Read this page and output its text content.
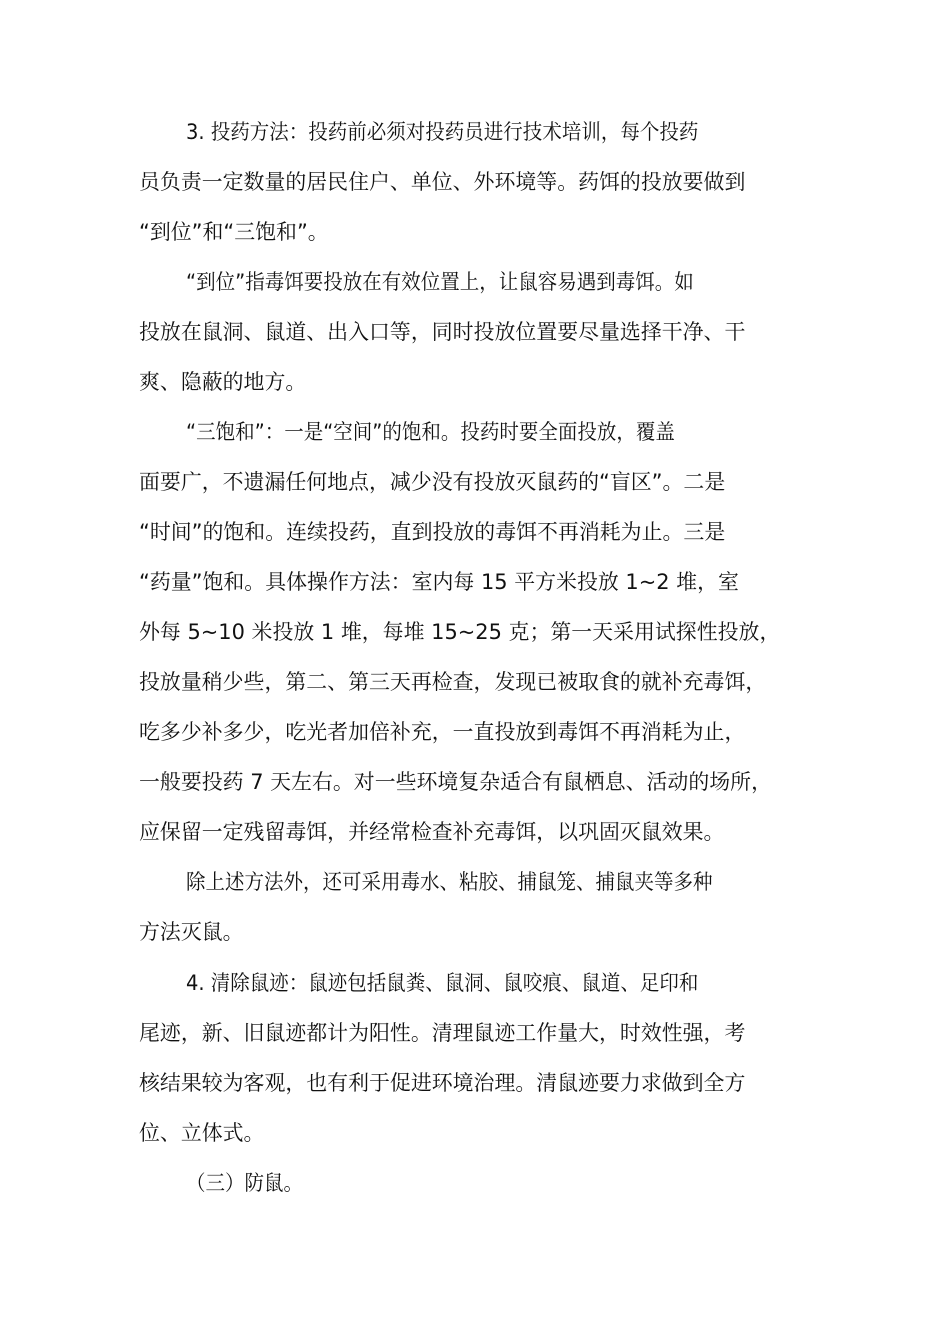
3. 投药方法：投药前必须对投药员进行技术培训，每个投药

员负责一定数量的居民住户、单位、外环境等。药饵的投放要做到

“到位”和“三饱和”。

“到位”指毒饵要投放在有效位置上，让鼠容易遇到毒饵。如

投放在鼠洞、鼠道、出入口等，同时投放位置要尽量选择干净、干

爽、隐蔽的地方。

“三饱和”：一是“空间”的饱和。投药时要全面投放，覆盖

面要广，不遗漏任何地点，减少没有投放灭鼠药的“盲区”。二是

“时间”的饱和。连续投药，直到投放的毒饵不再消耗为止。三是

“药量”饱和。具体操作方法：室内每 15 平方米投放 1~2 堆，室

外每 5~10 米投放 1 堆，每堆 15~25 克；第一天采用试探性投放，

投放量稍少些，第二、第三天再检查，发现已被取食的就补充毒饵，

吃多少补多少，吃光者加倍补充，一直投放到毒饵不再消耗为止，

一般要投药 7 天左右。对一些环境复杂适合有鼠栖息、活动的场所，

应保留一定残留毒饵，并经常检查补充毒饵，以巩固灭鼠效果。

除上述方法外，还可采用毒水、粘胶、捕鼠笼、捕鼠夹等多种

方法灭鼠。

4. 清除鼠迹：鼠迹包括鼠粪、鼠洞、鼠咬痕、鼠道、足印和

尾迹，新、旧鼠迹都计为阳性。清理鼠迹工作量大，时效性强，考

核结果较为客观，也有利于促进环境治理。清鼠迹要力求做到全方

位、立体式。

（三）防鼠。
